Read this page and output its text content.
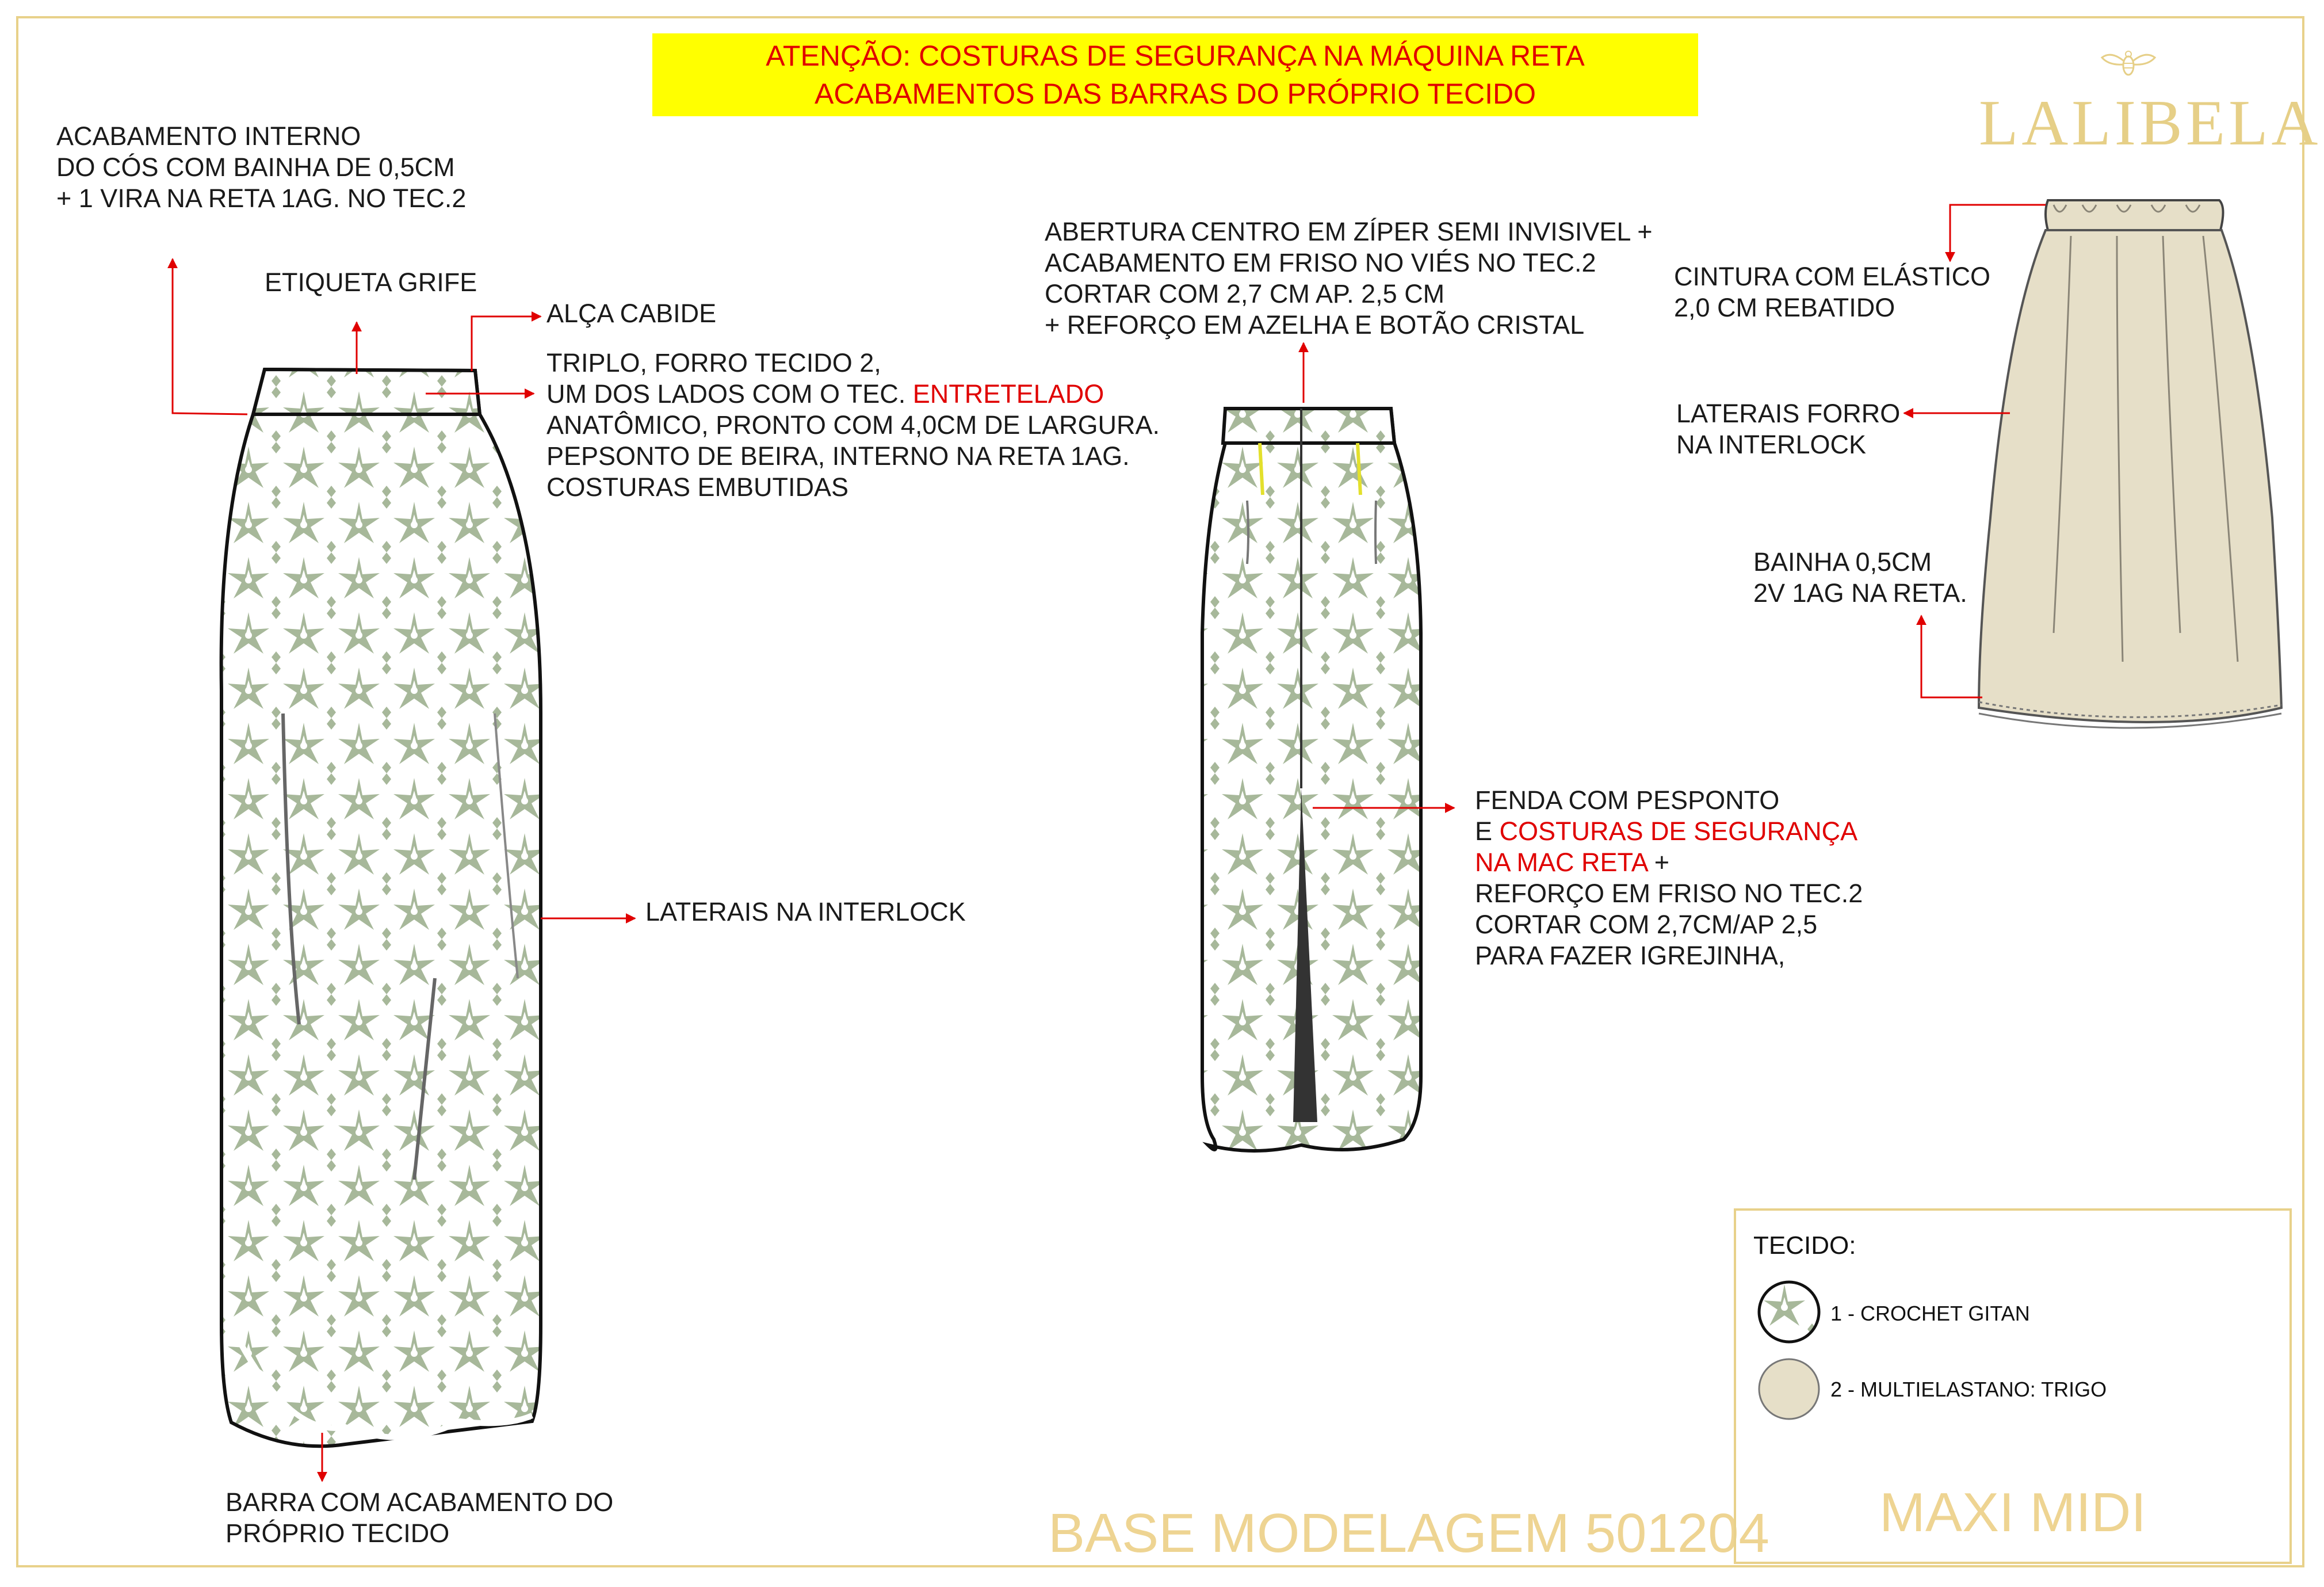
ATENÇÃO: COSTURAS DE SEGURANÇA NA MÁQUINA RETA
ACABAMENTOS DAS BARRAS DO PRÓPRIO TECIDO	LALIBELA
ACABAMENTO INTERNO
DO CÓS COM BAINHA DE 0,5CM
+ 1 VIRA NA RETA 1AG. NO TEC.2
ETIQUETA GRIFE
ALÇA CABIDE
TRIPLO, FORRO TECIDO 2,
UM DOS LADOS COM O TEC. ENTRETELADO
ANATÔMICO, PRONTO COM 4,0CM DE LARGURA.
PEPSONTO DE BEIRA, INTERNO NA RETA 1AG.
COSTURAS EMBUTIDAS
LATERAIS NA INTERLOCK
BARRA COM ACABAMENTO DO
PRÓPRIO TECIDO
ABERTURA CENTRO EM ZÍPER SEMI INVISIVEL +
ACABAMENTO EM FRISO NO VIÉS NO TEC.2
CORTAR COM 2,7 CM AP. 2,5 CM
+ REFORÇO EM AZELHA E BOTÃO CRISTAL
FENDA COM PESPONTO
E COSTURAS DE SEGURANÇA
NA MAC RETA +
REFORÇO EM FRISO NO TEC.2
CORTAR COM 2,7CM/AP 2,5
PARA FAZER IGREJINHA,
CINTURA COM ELÁSTICO
2,0 CM REBATIDO
LATERAIS FORRO
NA INTERLOCK
BAINHA 0,5CM
2V 1AG NA RETA.
BASE MODELAGEM 501204
TECIDO:
1 - CROCHET GITAN
2 - MULTIELASTANO: TRIGO
MAXI MIDI
